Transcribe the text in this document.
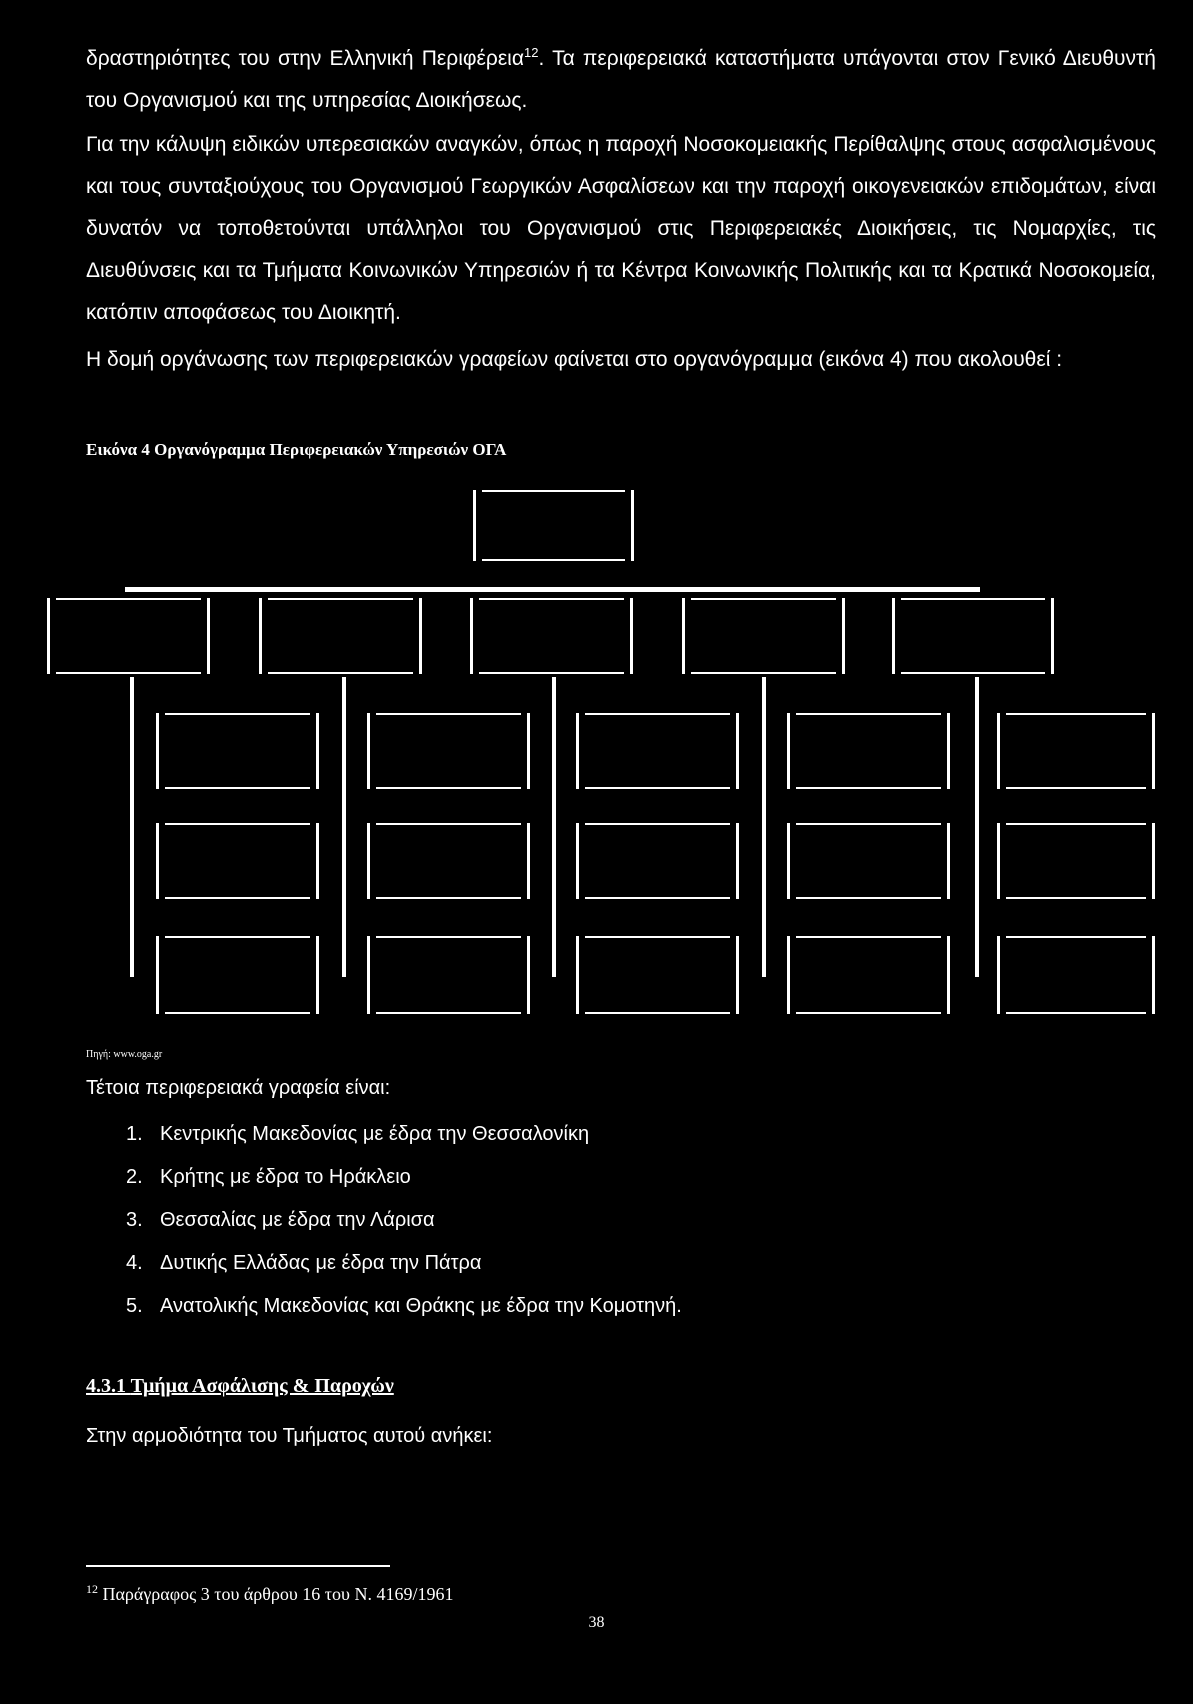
δραστηριότητες του στην Ελληνική Περιφέρεια$^{12}$. Τα περιφερειακά καταστήματα υπάγονται στον Γενικό Διευθυντή του Οργανισμού και της υπηρεσίας Διοικήσεως.
Για την κάλυψη ειδικών υπερεσιακών αναγκών, όπως η παροχή Νοσοκομειακής Περίθαλψης στους ασφαλισμένους και τους συνταξιούχους του Οργανισμού Γεωργικών Ασφαλίσεων και την παροχή οικογενειακών επιδομάτων, είναι δυνατόν να τοποθετούνται υπάλληλοι του Οργανισμού στις Περιφερειακές Διοικήσεις, τις Νομαρχίες, τις Διευθύνσεις και τα Τμήματα Κοινωνικών Υπηρεσιών ή τα Κέντρα Κοινωνικής Πολιτικής και τα Κρατικά Νοσοκομεία, κατόπιν αποφάσεως του Διοικητή.
Η δομή οργάνωσης των περιφερειακών γραφείων φαίνεται στο οργανόγραμμα (εικόνα 4) που ακολουθεί :
Εικόνα 4 Οργανόγραμμα Περιφερειακών Υπηρεσιών ΟΓΑ
Πηγή: www.oga.gr
Τέτοια περιφερειακά γραφεία είναι:
1. Κεντρικής Μακεδονίας με έδρα την Θεσσαλονίκη
2. Κρήτης με έδρα το Ηράκλειο
3. Θεσσαλίας με έδρα την Λάρισα
4. Δυτικής Ελλάδας με έδρα την Πάτρα
5. Ανατολικής Μακεδονίας και Θράκης με έδρα την Κομοτηνή.
4.3.1 Τμήμα Ασφάλισης & Παροχών
Στην αρμοδιότητα του Τμήματος αυτού ανήκει:
$^{12}$ Παράγραφος 3 του άρθρου 16 του Ν. 4169/1961
38
